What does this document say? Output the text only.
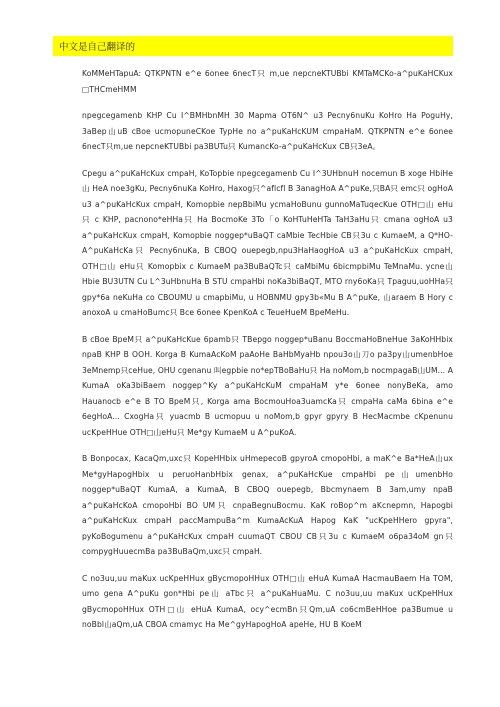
中文是自己翻译的

KoMMeHTapuA: QTKPNTN e^e 6onee 6necT只 m,ue nepcneKTUBbi KMTaMCKo-a^puKaHCKux □THCmeHMM

npegcegamenb KHP Cu I^BMHbnMH 30 Mapma OT6N^ u3 Pecny6nuKu KoHro Ha PoguHy, 3aBep山uB cBoe ucmopuneCKoe TypHe no a^puKaHcKUM cmpaHaM. QTKPNTN e^e 6onee 6necT只m,ue nepcneKTUBbi pa3BUTu只 KumancKo-a^puKaHcKux CB只3eA。

Cpegu a^puKaHcKux cmpaH, KoTopbie npegcegamenb Cu I^3UHbnuH nocemun B xoge HbiHe山 HeA noe3gKu, Pecny6nuKa KoHro, Haxog只^aflcfl B 3anagHoA A^puKe,只BA只 emc只 ogHoA u3 a^puKaHcKux cmpaH, Komopbie nepBbiMu ycmaHoBunu gunnoMaTuqecKue OTH□山 eHu只 c KHP, pacnono*eHHa只 Ha BocmoKe 3To「o KoHTuHeHTa TaH3aHu只 cmana ogHoA u3 a^puKaHcKux cmpaH, Komopbie noggep*uBaQT caMbie TecHbie CB只3u c KumaeM, a Q*HO- A^puKaHcKa只 Pecny6nuKa, B CBOQ ouepegb,npu3HaHaogHoA u3 a^puKaHcKux cmpaH, OTH□山 eHu只 Komopbix c KumaeM pa3BuBaQTc只 caMbiMu 6bicmpbiMu TeMnaMu. ycne山 Hbie BU3UTN Cu L^3uHbnuHa B STU cmpaHbi noKa3biBaQT, MTO rny6oKa只 Tpaguu,uoHHa只 gpy*6a neKuHa co CBOUMU u cmapbiMu, u HOBNMU gpy3b«Mu B A^puKe, 山arаem B Hory c anoxoA u cmaHoBumc只 Bce 6onee KpenKoA c TeueHueM BpeMeHu.

B cBoe BpeM只 a^puKaHcKue 6pamb只 TBepgo noggep*uBanu BoccmaHoBneHue 3aKoHHbix npaB KHP B OOH. Korga B KumaAcKoM paAoHe BaHbMyaHb npou3o山刀o pa3py山umenbHoe 3eMnemp只ceHue, OHU cgenanu 叫egpbie no*epTBoBaHu只 Ha noMom,b nocmpagaB山UM... A KumaA oKa3biBaem noggep^Ky a^puKaHcKuM cmpaHaM y*e 6onee nonyBeKa, amo Hauanocb e^e B TO BpeM只, Korga ama BocmouHoa3uamcKa只 cmpaHa caMa 6bina e^e 6egHoA... CxogHa只 yuacmb B ucmopuu u noMom,b gpyr gpyry B HecMacmbe cKpenunu ucKpeHHue OTH□山eHu只 Me*gy KumaeM u A^puKoA.

B Bonpocax, KacaQm,uxc只 KopeHHbix uHmepecoB gpyroA cmopoHbi, a maK^e Ba*HeA山ux Me*gyHapogHbix u peruoHanbHbix genax, a^puKaHcKue cmpaHbi pe山umenbHo noggep*uBaQT KumaA, a KumaA, B CBOQ ouepegb, Bbcmynaem B 3am,umy npaB a^puKaHcKoA cmopoHbi BO UM只 cnpaBegnuBocmu. KaK roBop^m aKcnepmn, Hapogbi a^puKaHcKux cmpaH paccMampuBa^m KumaAcKuA Hapog KaK "ucKpeHHero gpyra", pyKoBogumenu a^puKaHcKux cmpaH cuumaQT CBOU CB只3u c KumaeM o6pa34oM gn只 compygHuuecmBa pa3BuBaQm,uxc只 cmpaH.

C no3uu,uu maKux ucKpeHHux gByсmopoHHux OTH□山 eHuA KumaA HacmauBaem Ha TOM, umo gena A^puKu gon*Hbi pe山 aTbc只 a^puKaHuaMu. C no3uu,uu maKux ucKpeHHux gBycmopoHHux OTH□山 eHuA KumaA, ocy^ecmBn只Qm,uA co6cmBeHHoe pa3Bumue u noBbl山aQm,uA CBOA cmamyc Ha Me^gyHapogHoA apeHe, HU B KoeM
